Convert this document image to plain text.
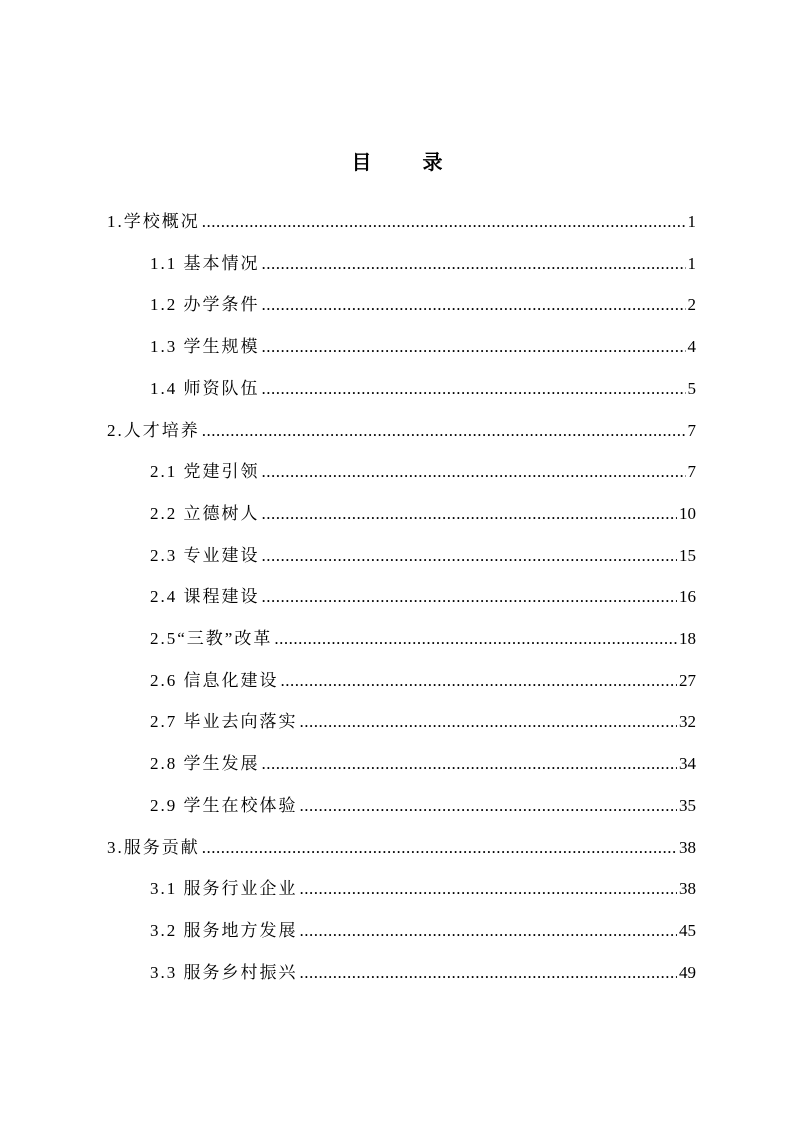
目 录
1.学校概况 .....	1
1.1 基本情况 .....	1
1.2 办学条件 .....	2
1.3 学生规模 .....	4
1.4 师资队伍 .....	5
2.人才培养 .....	7
2.1 党建引领 .....	7
2.2 立德树人 .....	10
2.3 专业建设 .....	15
2.4 课程建设 .....	16
2.5“三教”改革 .....	18
2.6 信息化建设 .....	27
2.7 毕业去向落实 .....	32
2.8 学生发展 .....	34
2.9 学生在校体验 .....	35
3.服务贡献 .....	38
3.1 服务行业企业 .....	38
3.2 服务地方发展 .....	45
3.3 服务乡村振兴 .....	49
